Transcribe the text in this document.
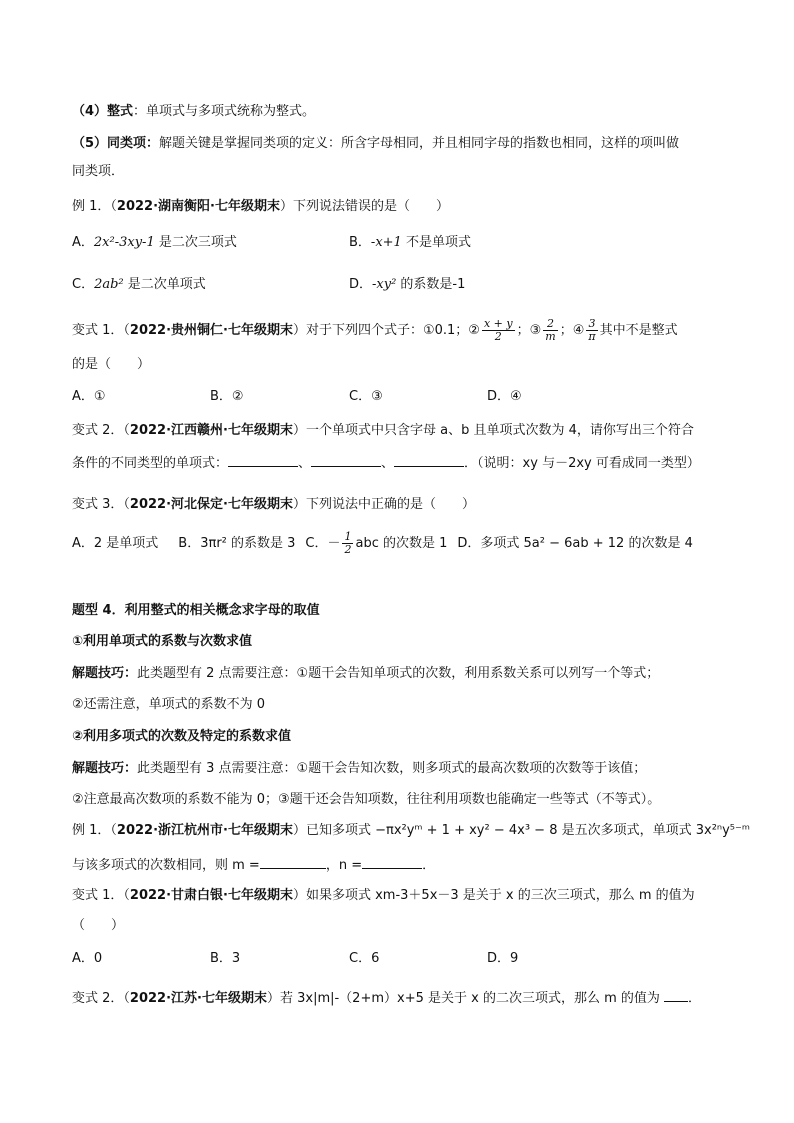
（4）整式：单项式与多项式统称为整式。
（5）同类项：解题关键是掌握同类项的定义：所含字母相同，并且相同字母的指数也相同，这样的项叫做
同类项．
例 1．（2022·湖南衡阳·七年级期末）下列说法错误的是（　　）
A．2x²-3xy-1 是二次三项式	B．-x+1 不是单项式
C．2ab² 是二次单项式	D．-xy² 的系数是-1
变式 1．（2022·贵州铜仁·七年级期末）对于下列四个式子：①0.1；② $\frac{x + y}{2}$ ；③ $\frac{2}{m}$ ；④ $\frac{3}{\pi}$ 其中不是整式
的是（　　）
A．①	B．②	C．③	D．④
变式 2．（2022·江西赣州·七年级期末）一个单项式中只含字母 a、b 且单项式次数为 4，请你写出三个符合
条件的不同类型的单项式：	、	、	．（说明：xy 与－2xy 可看成同一类型）
变式 3．（2022·河北保定·七年级期末）下列说法中正确的是（　　）
A．2 是单项式 B．3πr² 的系数是 3 C．－ $\frac{1}{2}$ abc 的次数是 1 D．多项式 5a² − 6ab + 12 的次数是 4
题型 4．利用整式的相关概念求字母的取值
①利用单项式的系数与次数求值
解题技巧：此类题型有 2 点需要注意：①题干会告知单项式的次数，利用系数关系可以列写一个等式；
②还需注意，单项式的系数不为 0
②利用多项式的次数及特定的系数求值
解题技巧：此类题型有 3 点需要注意：①题干会告知次数，则多项式的最高次数项的次数等于该值；
②注意最高次数项的系数不能为 0；③题干还会告知项数，往往利用项数也能确定一些等式（不等式）。
例 1．（2022·浙江杭州市·七年级期末）已知多项式 −πx²yᵐ + 1 + xy² − 4x³ − 8 是五次多项式，单项式 3x²ⁿy⁵⁻ᵐ
与该多项式的次数相同，则 m =	，n =	．
变式 1．（2022·甘肃白银·七年级期末）如果多项式 xm-3＋5x－3 是关于 x 的三次三项式，那么 m 的值为
（　　）
A．0	B．3	C．6	D．9
变式 2．（2022·江苏·七年级期末）若 3x|m|-（2+m）x+5 是关于 x 的二次三项式，那么 m 的值为 ．
